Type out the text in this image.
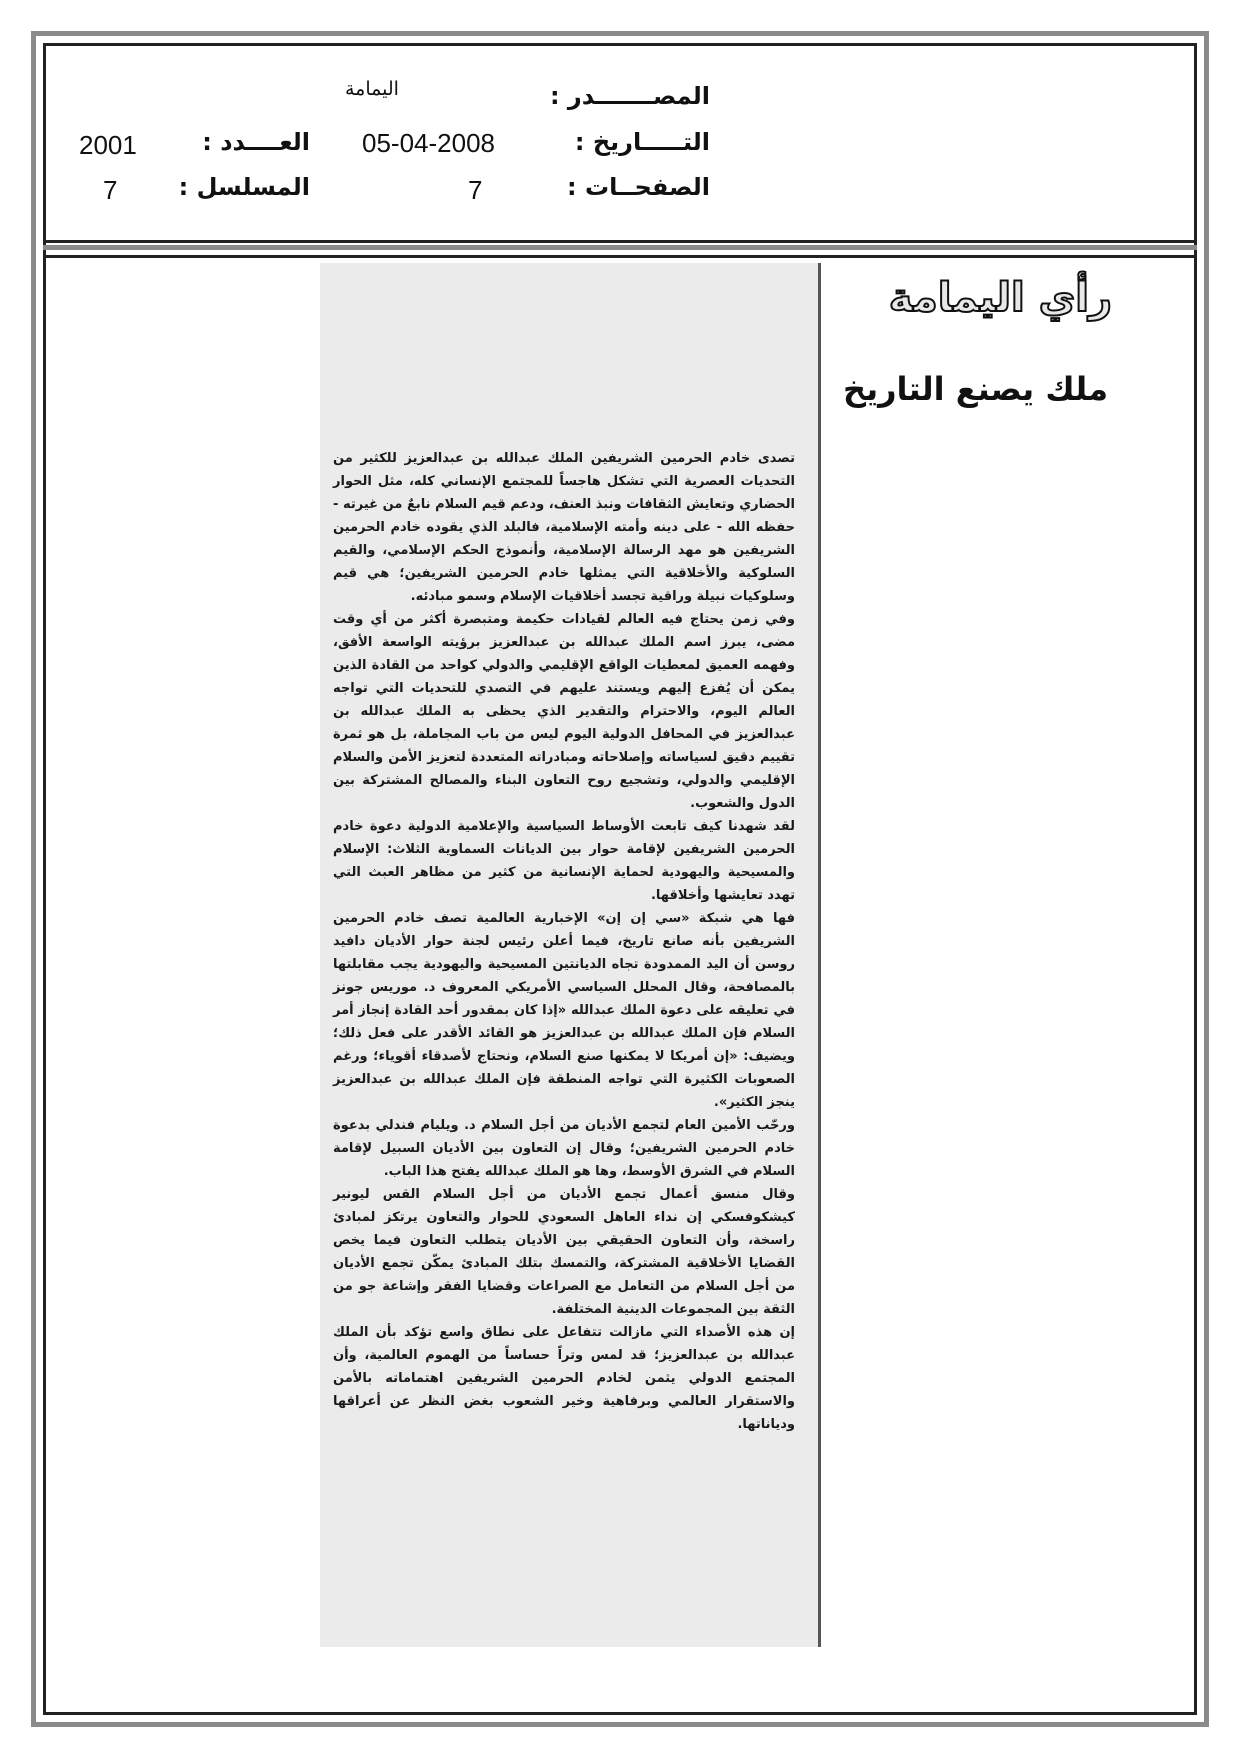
المصـــــــدر :
اليمامة
التـــــاريخ :
05-04-2008
العــــدد :
2001
الصفحــات :
7
المسلسل :
7
رأي اليمامة
ملك يصنع التاريخ

تصدى خادم الحرمين الشريفين الملك عبدالله بن عبدالعزيز للكثير من التحديات العصرية التي تشكل هاجساً للمجتمع الإنساني كله، مثل الحوار الحضاري وتعايش الثقافات ونبذ العنف، ودعم قيم السلام نابعٌ من غيرته - حفظه الله - على دينه وأمته الإسلامية، فالبلد الذي يقوده خادم الحرمين الشريفين هو مهد الرسالة الإسلامية، وأنموذج الحكم الإسلامي، والقيم السلوكية والأخلاقية التي يمثلها خادم الحرمين الشريفين؛ هي قيم وسلوكيات نبيلة وراقية تجسد أخلاقيات الإسلام وسمو مبادئه.

وفي زمن يحتاج فيه العالم لقيادات حكيمة ومتبصرة أكثر من أي وقت مضى، يبرز اسم الملك عبدالله بن عبدالعزيز برؤيته الواسعة الأفق، وفهمه العميق لمعطيات الواقع الإقليمي والدولي كواحد من القادة الذين يمكن أن يُفزع إليهم ويستند عليهم في التصدي للتحديات التي تواجه العالم اليوم، والاحترام والتقدير الذي يحظى به الملك عبدالله بن عبدالعزيز في المحافل الدولية اليوم ليس من باب المجاملة، بل هو ثمرة تقييم دقيق لسياساته وإصلاحاته ومبادراته المتعددة لتعزيز الأمن والسلام الإقليمي والدولي، وتشجيع روح التعاون البناء والمصالح المشتركة بين الدول والشعوب.

لقد شهدنا كيف تابعت الأوساط السياسية والإعلامية الدولية دعوة خادم الحرمين الشريفين لإقامة حوار بين الديانات السماوية الثلاث: الإسلام والمسيحية واليهودية لحماية الإنسانية من كثير من مظاهر العبث التي تهدد تعايشها وأخلاقها.

فها هي شبكة «سي إن إن» الإخبارية العالمية تصف خادم الحرمين الشريفين بأنه صانع تاريخ، فيما أعلن رئيس لجنة حوار الأديان دافيد روسن أن اليد الممدودة تجاه الديانتين المسيحية واليهودية يجب مقابلتها بالمصافحة، وقال المحلل السياسي الأمريكي المعروف د. موريس جونز في تعليقه على دعوة الملك عبدالله «إذا كان بمقدور أحد القادة إنجاز أمر السلام فإن الملك عبدالله بن عبدالعزيز هو القائد الأقدر على فعل ذلك؛ ويضيف: «إن أمريكا لا يمكنها صنع السلام، ونحتاج لأصدقاء أقوياء؛ ورغم الصعوبات الكثيرة التي تواجه المنطقة فإن الملك عبدالله بن عبدالعزيز ينجز الكثير».

ورحّب الأمين العام لتجمع الأديان من أجل السلام د. ويليام فندلي بدعوة خادم الحرمين الشريفين؛ وقال إن التعاون بين الأديان السبيل لإقامة السلام في الشرق الأوسط، وها هو الملك عبدالله يفتح هذا الباب.

وقال منسق أعمال تجمع الأديان من أجل السلام القس ليونير كيشكوفسكي إن نداء العاهل السعودي للحوار والتعاون يرتكز لمبادئ راسخة، وأن التعاون الحقيقي بين الأديان يتطلب التعاون فيما يخص القضايا الأخلاقية المشتركة، والتمسك بتلك المبادئ يمكّن تجمع الأديان من أجل السلام من التعامل مع الصراعات وقضايا الفقر وإشاعة جو من الثقة بين المجموعات الدينية المختلفة.

إن هذه الأصداء التي مازالت تتفاعل على نطاق واسع تؤكد بأن الملك عبدالله بن عبدالعزيز؛ قد لمس وتراً حساساً من الهموم العالمية، وأن المجتمع الدولي يثمن لخادم الحرمين الشريفين اهتماماته بالأمن والاستقرار العالمي وبرفاهية وخير الشعوب بغض النظر عن أعراقها ودياناتها.
